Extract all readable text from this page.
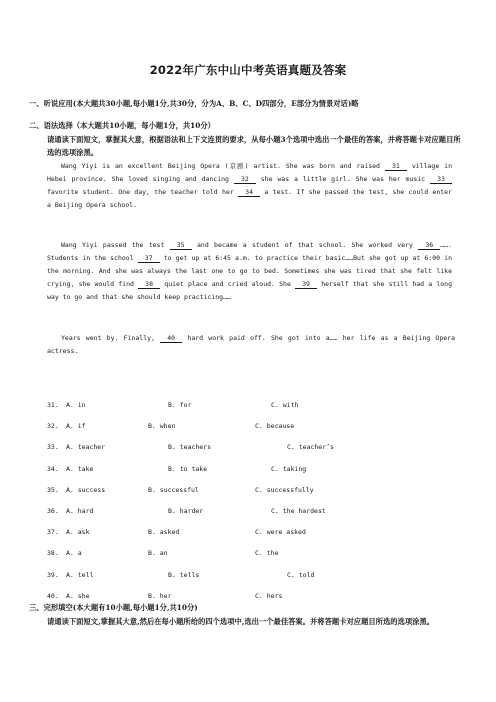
2022年广东中山中考英语真题及答案
一、听说应用(本大题共30小题,每小题1分,共30分，分为A、B、C、D四部分，E部分为情景对话)略
二、语法选择（本大题共10小题，每小题1分，共10分）
请通读下面短文，掌握其大意，根据语法和上下文连贯的要求，从每小题3个选项中选出一个最佳的答案，并将答题卡对应题目所选的选项涂黑。
Wang Yiyi is an excellent Beijing Opera (京剧) artist. She was born and raised 31 village in Hebei province. She loved singing and dancing 32 she was a little girl. She was her music 33 favorite student. One day, the teacher told her 34 a test. If she passed the test, she could enter a Beijing Opera school.
Wang Yiyi passed the test 35 and became a student of that school. She worked very 36 ……. Students in the school 37 to get up at 6:45 a.m. to practice their basic……But she got up at 6:00 in the morning. And she was always the last one to go to bed. Sometimes she was tired that she felt like crying, she would find 38 quiet place and cried aloud. She 39 herself that she still had a long way to go and that she should keep practicing……
Years went by. Finally, 40 hard work paid off. She got into a…… her life as a Beijing Opera actress.
31. A. in	B. for	C. with
32. A. if	B. when	C. because
33. A. teacher	B. teachers	C. teacher’s
34. A. take	B. to take	C. taking
35. A. success	B. successful	C. successfully
36. A. hard	B. harder	C. the hardest
37. A. ask	B. asked	C. were asked
38. A. a	B. an	C. the
39. A. tell	B. tells	C. told
40. A. she	B. her	C. hers
三、完形填空(本大题有10小题,每小题1分,共10分)
请通读下面短文,掌握其大意,然后在每小题所给的四个选项中,选出一个最佳答案。并将答题卡对应题目所选的选项涂黑。
